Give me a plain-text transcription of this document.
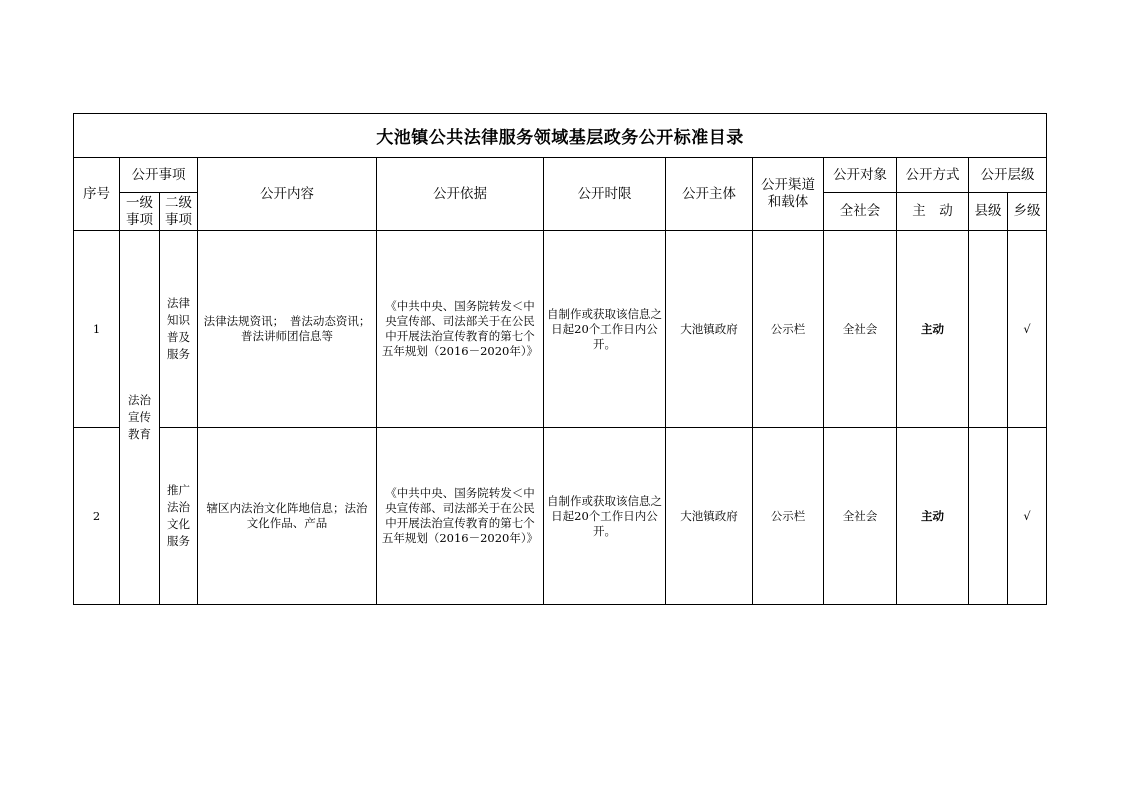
大池镇公共法律服务领域基层政务公开标准目录											
序号	公开事项		公开内容	公开依据	公开时限	公开主体	公开渠道和载体	公开对象	公开方式	公开层级	
	一级事项	二级事项						全社会	主　动	县级	乡级
1	法治宣传教育	法律知识普及服务	法律法规资讯；　普法动态资讯；普法讲师团信息等	《中共中央、国务院转发＜中央宣传部、司法部关于在公民中开展法治宣传教育的第七个五年规划（2016－2020年）》	自制作或获取该信息之日起20个工作日内公开。	大池镇政府	公示栏	全社会	主动		√
2		推广法治文化服务	辖区内法治文化阵地信息；法治文化作品、产品	《中共中央、国务院转发＜中央宣传部、司法部关于在公民中开展法治宣传教育的第七个五年规划（2016－2020年）》	自制作或获取该信息之日起20个工作日内公开。	大池镇政府	公示栏	全社会	主动		√
